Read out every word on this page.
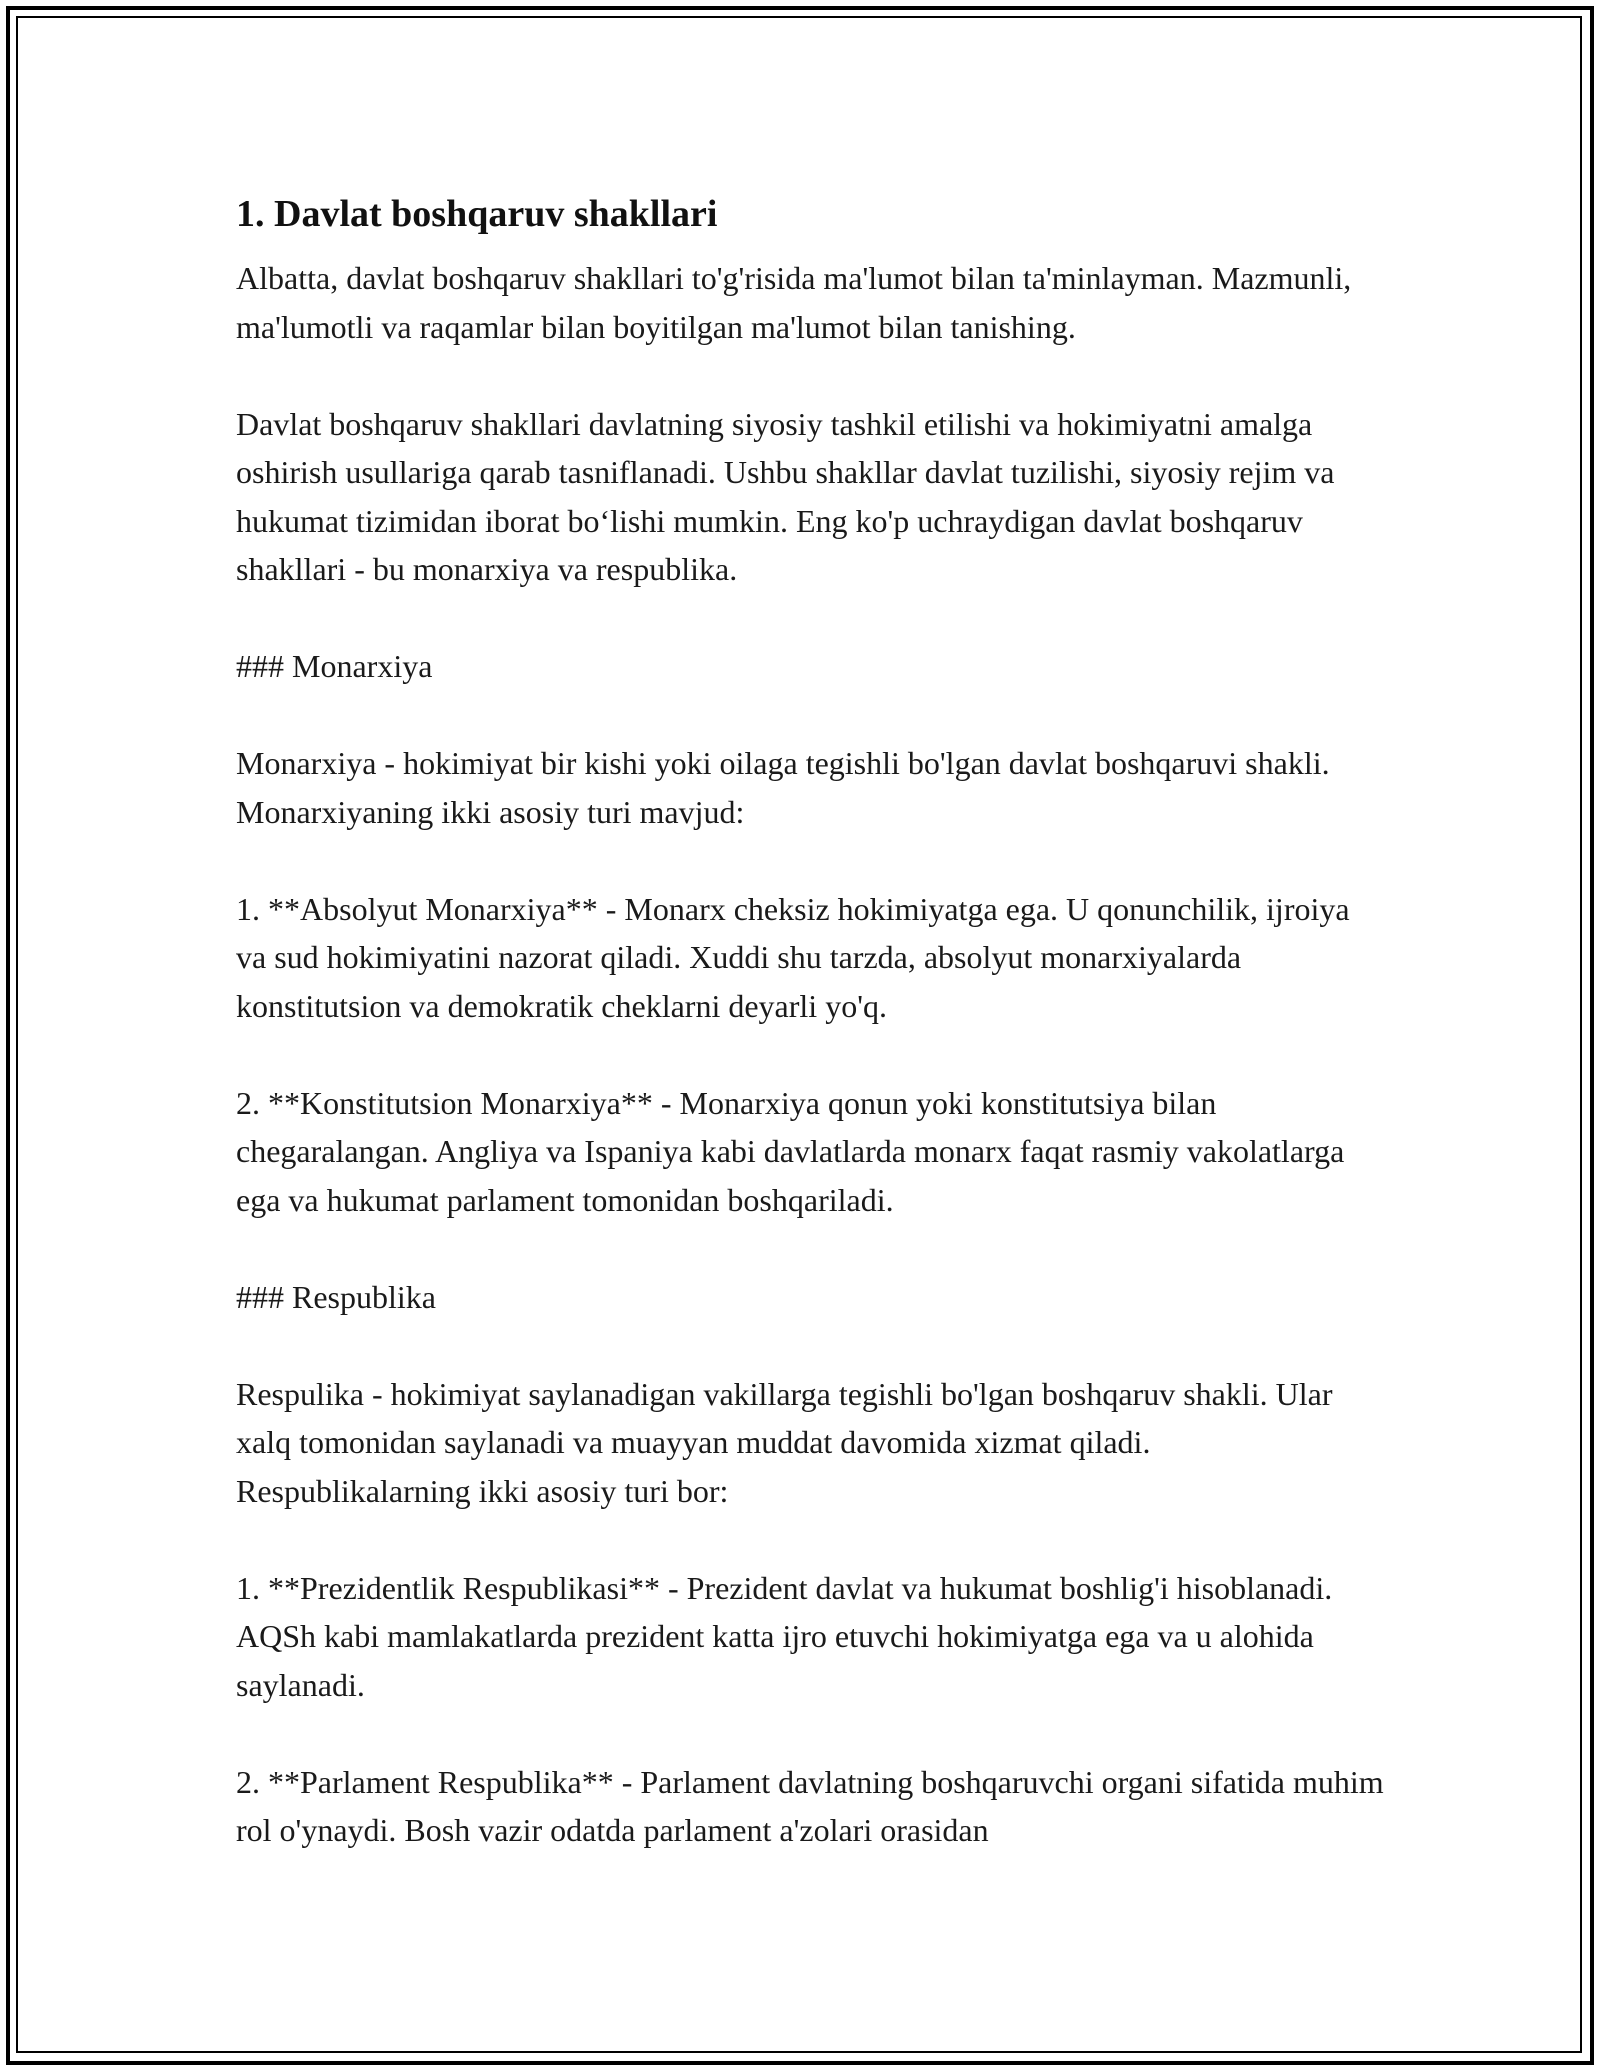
1. Davlat boshqaruv shakllari

Albatta, davlat boshqaruv shakllari to'g'risida ma'lumot bilan ta'minlayman. Mazmunli, ma'lumotli va raqamlar bilan boyitilgan ma'lumot bilan tanishing.

Davlat boshqaruv shakllari davlatning siyosiy tashkil etilishi va hokimiyatni amalga oshirish usullariga qarab tasniflanadi. Ushbu shakllar davlat tuzilishi, siyosiy rejim va hukumat tizimidan iborat bo‘lishi mumkin. Eng ko'p uchraydigan davlat boshqaruv shakllari - bu monarxiya va respublika.

### Monarxiya

Monarxiya - hokimiyat bir kishi yoki oilaga tegishli bo'lgan davlat boshqaruvi shakli. Monarxiyaning ikki asosiy turi mavjud:

1. **Absolyut Monarxiya** - Monarx cheksiz hokimiyatga ega. U qonunchilik, ijroiya va sud hokimiyatini nazorat qiladi. Xuddi shu tarzda, absolyut monarxiyalarda konstitutsion va demokratik cheklarni deyarli yo'q.

2. **Konstitutsion Monarxiya** - Monarxiya qonun yoki konstitutsiya bilan chegaralangan. Angliya va Ispaniya kabi davlatlarda monarx faqat rasmiy vakolatlarga ega va hukumat parlament tomonidan boshqariladi.

### Respublika

Respulika - hokimiyat saylanadigan vakillarga tegishli bo'lgan boshqaruv shakli. Ular xalq tomonidan saylanadi va muayyan muddat davomida xizmat qiladi. Respublikalarning ikki asosiy turi bor:

1. **Prezidentlik Respublikasi** - Prezident davlat va hukumat boshlig'i hisoblanadi. AQSh kabi mamlakatlarda prezident katta ijro etuvchi hokimiyatga ega va u alohida saylanadi.

2. **Parlament Respublika** - Parlament davlatning boshqaruvchi organi sifatida muhim rol o'ynaydi. Bosh vazir odatda parlament a'zolari orasidan
